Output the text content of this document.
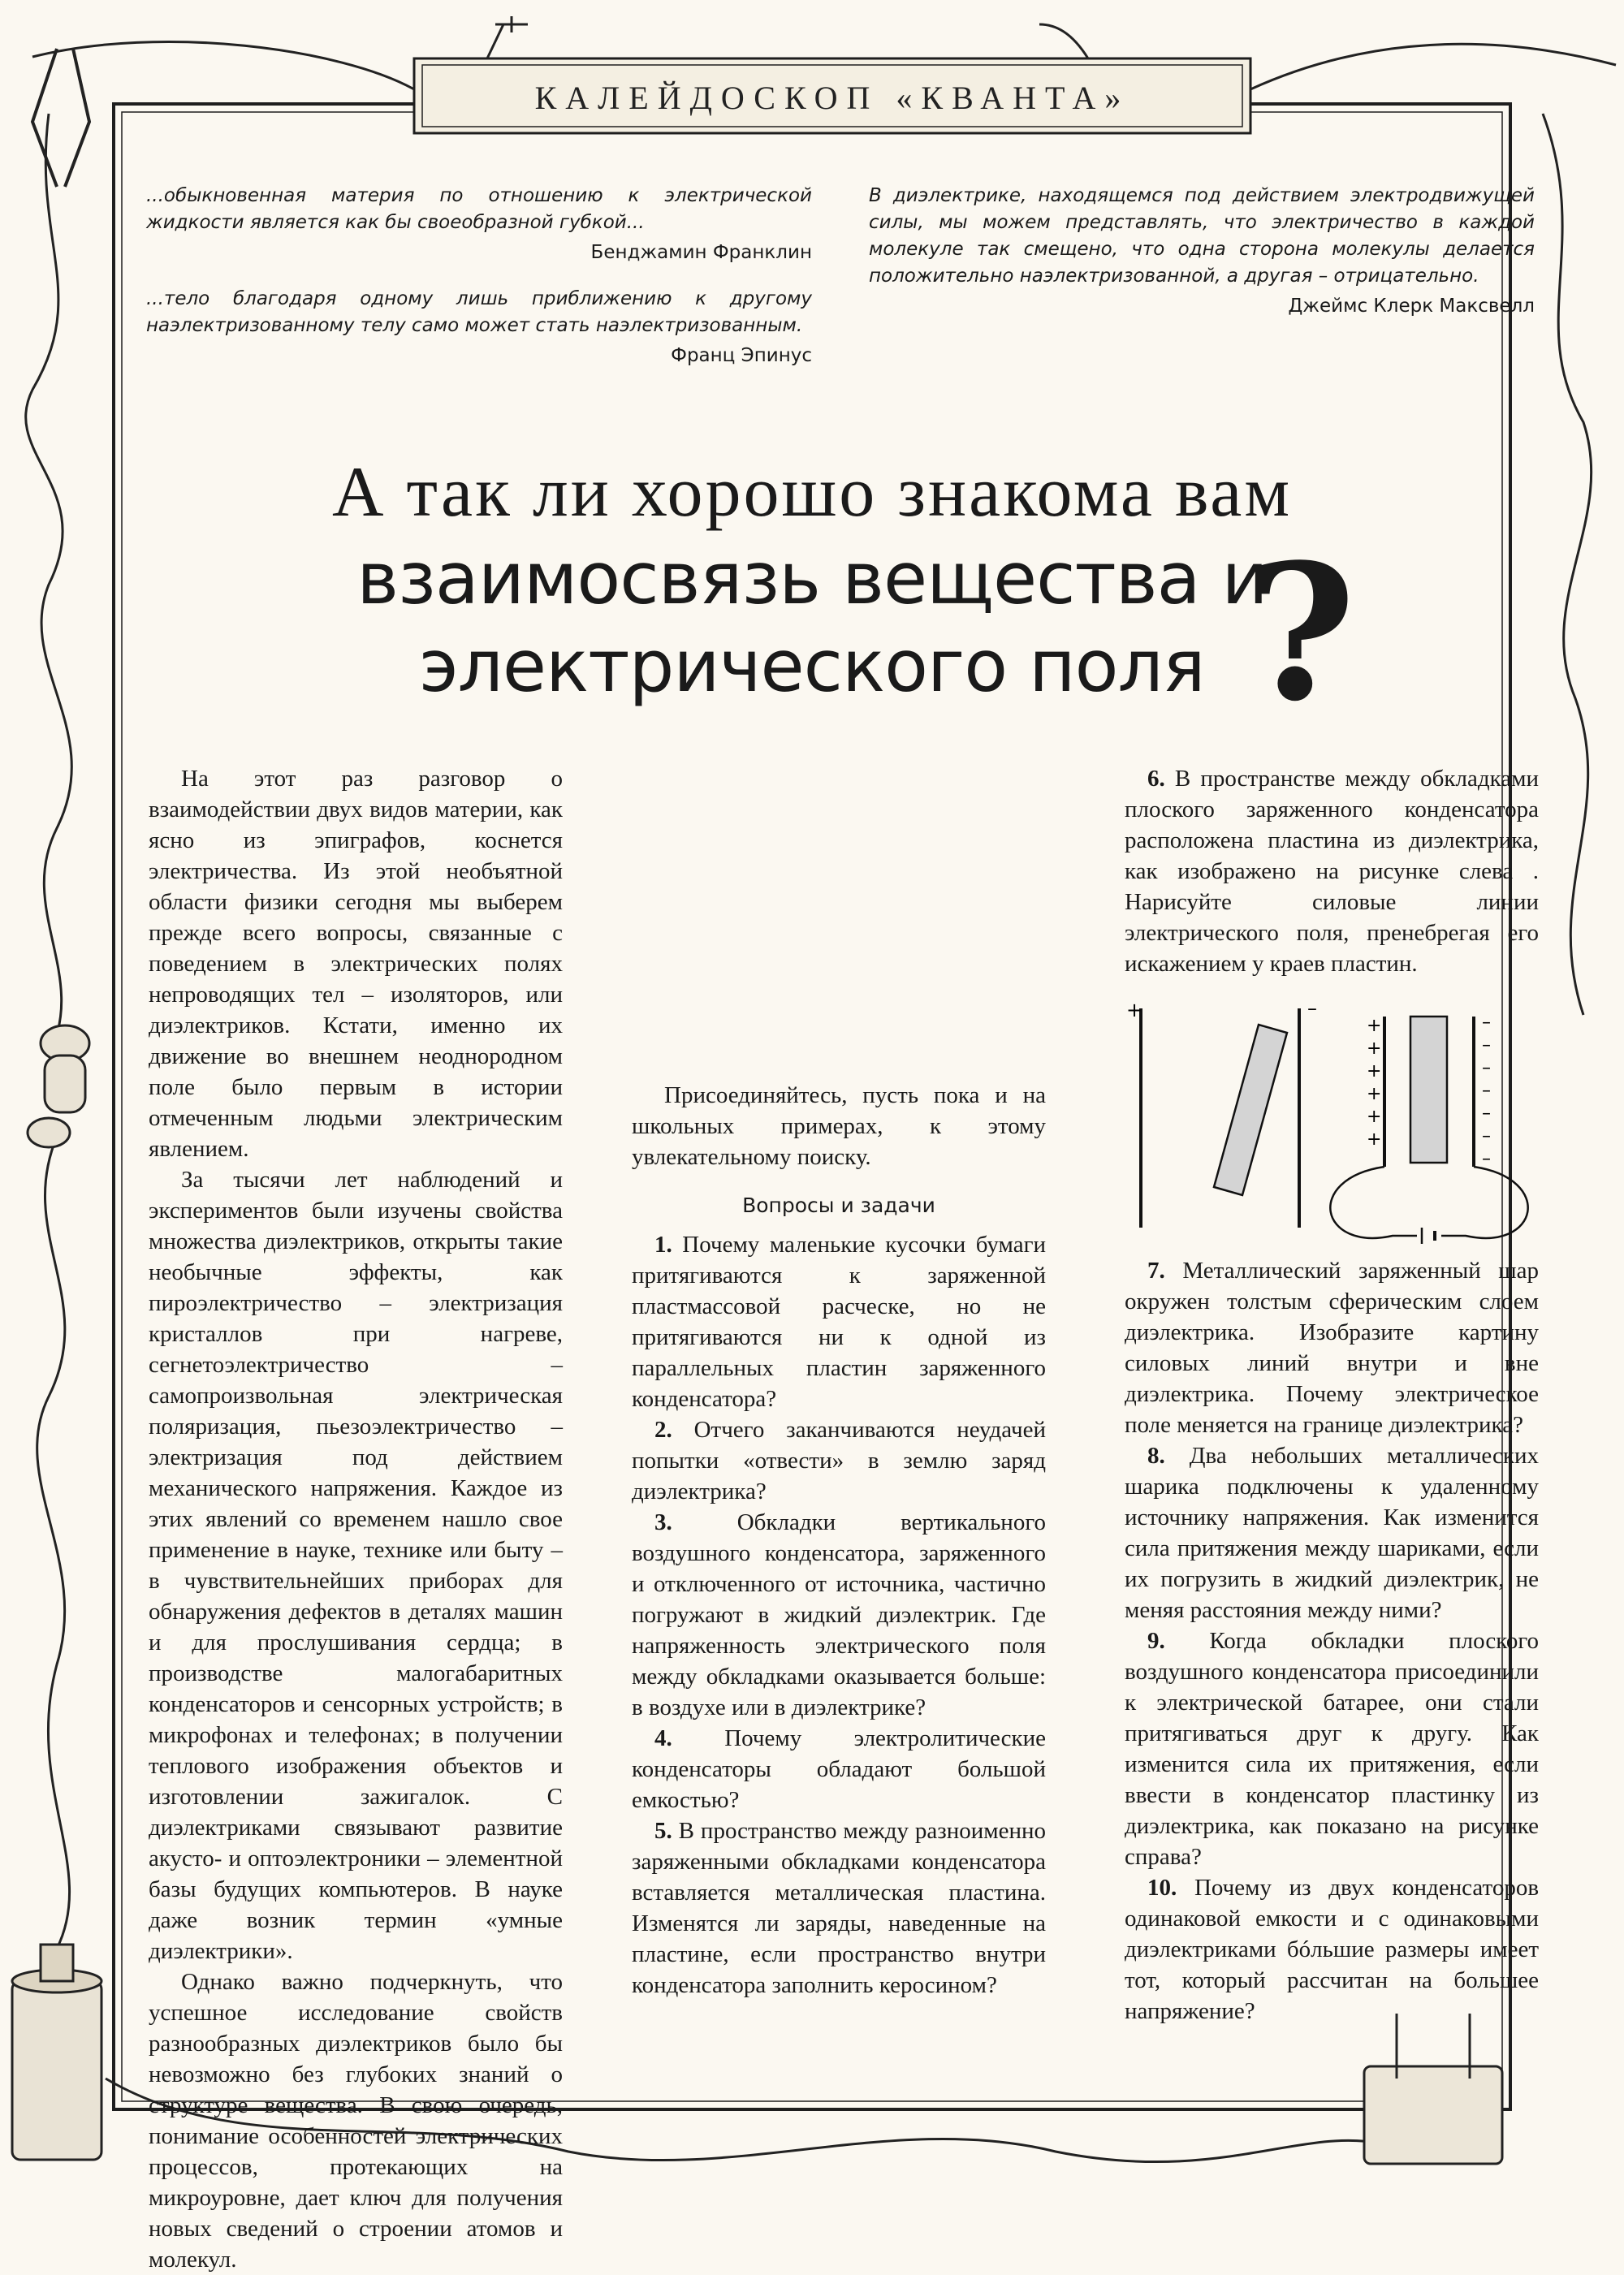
КАЛЕЙДОСКОП «КВАНТА»

...обыкновенная материя по отношению к электрической жидкости является как бы своеобразной губкой...

Бенджамин Франклин

...тело благодаря одному лишь приближению к другому наэлектризованному телу само может стать наэлектризованным.

Франц Эпинус

В диэлектрике, находящемся под действием электродвижущей силы, мы можем представлять, что электричество в каждой молекуле так смещено, что одна сторона молекулы делается положительно наэлектризованной, а другая – отрицательно.

Джеймс Клерк Максвелл

А так ли хорошо знакома вам
взаимосвязь вещества и
электрического поля ?

На этот раз разговор о взаимодействии двух видов материи, как ясно из эпиграфов, коснется электричества. Из этой необъятной области физики сегодня мы выберем прежде всего вопросы, связанные с поведением в электрических полях непроводящих тел – изоляторов, или диэлектриков. Кстати, именно их движение во внешнем неоднородном поле было первым в истории отмеченным людьми электрическим явлением.

За тысячи лет наблюдений и экспериментов были изучены свойства множества диэлектриков, открыты такие необычные эффекты, как пироэлектричество – электризация кристаллов при нагреве, сегнетоэлектричество – самопроизвольная электрическая поляризация, пьезоэлектричество – электризация под действием механического напряжения. Каждое из этих явлений со временем нашло свое применение в науке, технике или быту – в чувствительнейших приборах для обнаружения дефектов в деталях машин и для прослушивания сердца; в производстве малогабаритных конденсаторов и сенсорных устройств; в микрофонах и телефонах; в получении теплового изображения объектов и изготовлении зажигалок. С диэлектриками связывают развитие акусто- и оптоэлектроники – элементной базы будущих компьютеров. В науке даже возник термин «умные диэлектрики».

Однако важно подчеркнуть, что успешное исследование свойств разнообразных диэлектриков было бы невозможно без глубоких знаний о структуре вещества. В свою очередь, понимание особенностей электрических процессов, протекающих на микроуровне, дает ключ для получения новых сведений о строении атомов и молекул.

Присоединяйтесь, пусть пока и на школьных примерах, к этому увлекательному поиску.

Вопросы и задачи

1. Почему маленькие кусочки бумаги притягиваются к заряженной пластмассовой расческе, но не притягиваются ни к одной из параллельных пластин заряженного конденсатора?

2. Отчего заканчиваются неудачей попытки «отвести» в землю заряд диэлектрика?

3.	Обкладки вертикального воздушного конденсатора, заряженного и отключенного от источника, частично погружают в жидкий диэлектрик. Где напряженность электрического поля между обкладками оказывается больше: в воздухе или в диэлектрике?

4. Почему электролитические конденсаторы обладают большой емкостью?

5. В пространство между разноименно заряженными обкладками конденсатора вставляется металлическая пластина. Изменятся ли заряды, наведенные на пластине, если пространство внутри конденсатора заполнить керосином?

6. В пространстве между обкладками плоского заряженного конденсатора расположена пластина из диэлектрика, как изображено на рисунке слева . Нарисуйте силовые линии электрического поля, пренебрегая его искажением у краев пластин.

+	–
+
+
+
+
+
+
–
–
–
–
–
–
–

7. Металлический заряженный шар окружен толстым сферическим слоем диэлектрика. Изобразите картину силовых линий внутри и вне диэлектрика. Почему электрическое поле меняется на границе диэлектрика?

8. Два небольших металлических шарика подключены к удаленному источнику напряжения. Как изменится сила притяжения между шариками, если их погрузить в жидкий диэлектрик, не меняя расстояния между ними?

9. Когда обкладки плоского воздушного конденсатора присоединили к электрической батарее, они стали притягиваться друг к другу. Как изменится сила их притяжения, если ввести в конденсатор пластинку из диэлектрика, как показано на рисунке справа?

10. Почему из двух конденсаторов одинаковой емкости и с одинаковыми диэлектриками бóльшие размеры имеет тот, который рассчитан на большее напряжение?
